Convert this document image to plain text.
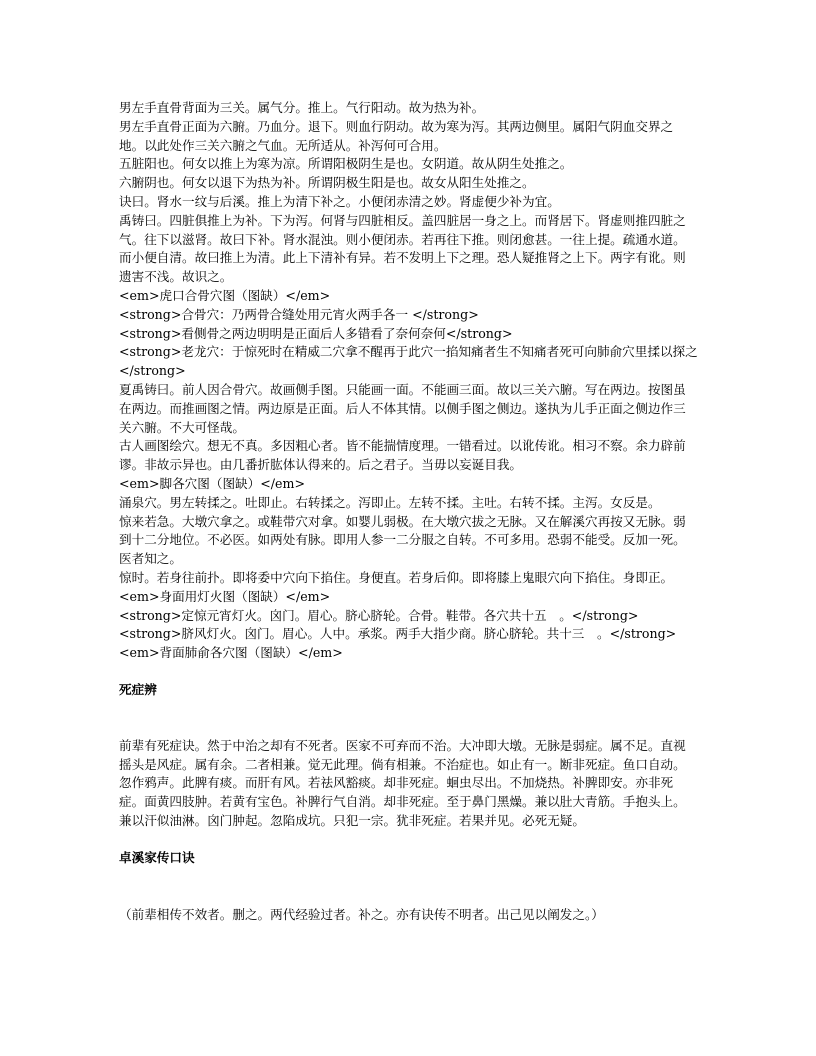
男左手直骨背面为三关。属气分。推上。气行阳动。故为热为补。

男左手直骨正面为六腑。乃血分。退下。则血行阴动。故为寒为泻。其两边侧里。属阳气阴血交界之地。以此处作三关六腑之气血。无所适从。补泻何可合用。

五脏阳也。何女以推上为寒为凉。所谓阳极阴生是也。女阴道。故从阴生处推之。

六腑阴也。何女以退下为热为补。所谓阴极生阳是也。故女从阳生处推之。

诀曰。肾水一纹与后溪。推上为清下补之。小便闭赤清之妙。肾虚便少补为宜。

禹铸曰。四脏俱推上为补。下为泻。何肾与四脏相反。盖四脏居一身之上。而肾居下。肾虚则推四脏之气。往下以滋肾。故曰下补。肾水混浊。则小便闭赤。若再往下推。则闭愈甚。一往上提。疏通水道。而小便自清。故曰推上为清。此上下清补有异。若不发明上下之理。恐人疑推肾之上下。两字有讹。则遗害不浅。故识之。

<em>虎口合骨穴图（图缺）</em>

<strong>合骨穴：乃两骨合缝处用元宵火两手各一 </strong>

<strong>看侧骨之两边明明是正面后人多错看了奈何奈何</strong>

<strong>老龙穴：于惊死时在精威二穴拿不醒再于此穴一掐知痛者生不知痛者死可向肺俞穴里揉以探之</strong>

夏禹铸曰。前人因合骨穴。故画侧手图。只能画一面。不能画三面。故以三关六腑。写在两边。按图虽在两边。而推画图之情。两边原是正面。后人不体其情。以侧手图之侧边。遂执为儿手正面之侧边作三关六腑。不大可怪哉。

古人画图绘穴。想无不真。多因粗心者。皆不能揣情度理。一错看过。以讹传讹。相习不察。余力辟前谬。非故示异也。由几番折肱体认得来的。后之君子。当毋以妄诞目我。

<em>脚各穴图（图缺）</em>

涌泉穴。男左转揉之。吐即止。右转揉之。泻即止。左转不揉。主吐。右转不揉。主泻。女反是。

惊来若急。大墩穴拿之。或鞋带穴对拿。如婴儿弱极。在大墩穴拔之无脉。又在解溪穴再按又无脉。弱到十二分地位。不必医。如两处有脉。即用人参一二分服之自转。不可多用。恐弱不能受。反加一死。医者知之。

惊时。若身往前扑。即将委中穴向下掐住。身便直。若身后仰。即将膝上鬼眼穴向下掐住。身即正。

<em>身面用灯火图（图缺）</em>

<strong>定惊元宵灯火。囟门。眉心。脐心脐轮。合骨。鞋带。各穴共十五　。</strong>

<strong>脐风灯火。囟门。眉心。人中。承浆。两手大指少商。脐心脐轮。共十三　。</strong>

<em>背面肺俞各穴图（图缺）</em>

死症辨

前辈有死症诀。然于中治之却有不死者。医家不可弃而不治。大冲即大墩。无脉是弱症。属不足。直视摇头是风症。属有余。二者相兼。觉无此理。倘有相兼。不治症也。如止有一。断非死症。鱼口自动。忽作鸦声。此脾有痰。而肝有风。若祛风豁痰。却非死症。蛔虫尽出。不加烧热。补脾即安。亦非死症。面黄四肢肿。若黄有宝色。补脾行气自消。却非死症。至于鼻门黑燥。兼以肚大青筋。手抱头上。兼以汗似油淋。囟门肿起。忽陷成坑。只犯一宗。犹非死症。若果并见。必死无疑。

卓溪家传口诀

（前辈相传不效者。删之。两代经验过者。补之。亦有诀传不明者。出己见以阐发之。）
